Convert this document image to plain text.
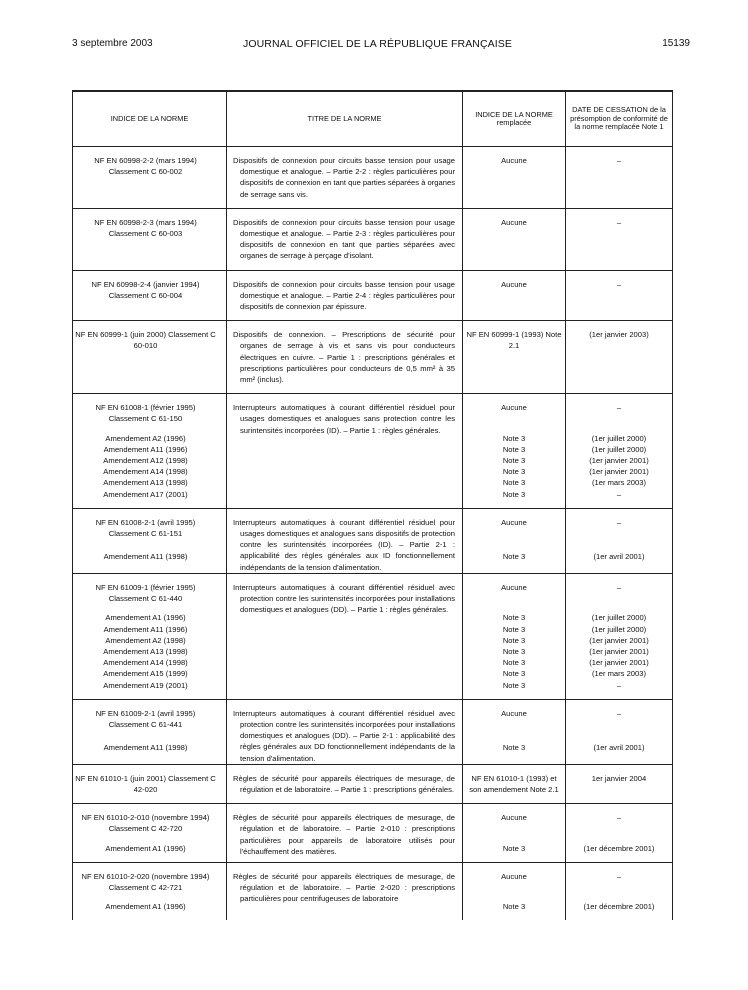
3 septembre 2003	JOURNAL OFFICIEL DE LA RÉPUBLIQUE FRANÇAISE	15139
INDICE DE LA NORME	TITRE DE LA NORME	INDICE DE LA NORME remplacée	DATE DE CESSATION de la présomption de conformité de la norme remplacée Note 1
NF EN 60998-2-2 (mars 1994) Classement C 60-002	Dispositifs de connexion pour circuits basse tension pour usage domestique et analogue. – Partie 2-2 : règles particulières pour dispositifs de connexion en tant que parties séparées à organes de serrage sans vis.	Aucune	–
NF EN 60998-2-3 (mars 1994) Classement C 60-003	Dispositifs de connexion pour circuits basse tension pour usage domestique et analogue. – Partie 2-3 : règles particulières pour dispositifs de connexion en tant que parties séparées avec organes de serrage à perçage d'isolant.	Aucune	–
NF EN 60998-2-4 (janvier 1994) Classement C 60-004	Dispositifs de connexion pour circuits basse tension pour usage domestique et analogue. – Partie 2-4 : règles particulières pour dispositifs de connexion par épissure.	Aucune	–
NF EN 60999-1 (juin 2000) Classement C 60-010	Dispositifs de connexion. – Prescriptions de sécurité pour organes de serrage à vis et sans vis pour conducteurs électriques en cuivre. – Partie 1 : prescriptions générales et prescriptions particulières pour conducteurs de 0,5 mm² à 35 mm² (inclus).	NF EN 60999-1 (1993) Note 2.1	(1er janvier 2003)
NF EN 61008-1 (février 1995) Classement C 61-150	Interrupteurs automatiques à courant différentiel résiduel pour usages domestiques et analogues sans protection contre les surintensités incorporées (ID). – Partie 1 : règles générales.	Aucune	–
Amendement A2 (1996)		Note 3	(1er juillet 2000)
Amendement A11 (1996)		Note 3	(1er juillet 2000)
Amendement A12 (1998)		Note 3	(1er janvier 2001)
Amendement A14 (1998)		Note 3	(1er janvier 2001)
Amendement A13 (1998)		Note 3	(1er mars 2003)
Amendement A17 (2001)		Note 3	–
NF EN 61008-2-1 (avril 1995) Classement C 61-151	Interrupteurs automatiques à courant différentiel résiduel pour usages domestiques et analogues sans dispositifs de protection contre les surintensités incorporées (ID). – Partie 2-1 : applicabilité des règles générales aux ID fonctionnellement indépendants de la tension d'alimentation.	Aucune	–
Amendement A11 (1998)		Note 3	(1er avril 2001)
NF EN 61009-1 (février 1995) Classement C 61-440	Interrupteurs automatiques à courant différentiel résiduel avec protection contre les surintensités incorporées pour installations domestiques et analogues (DD). – Partie 1 : règles générales.	Aucune	–
Amendement A1 (1996)		Note 3	(1er juillet 2000)
Amendement A11 (1996)		Note 3	(1er juillet 2000)
Amendement A2 (1998)		Note 3	(1er janvier 2001)
Amendement A13 (1998)		Note 3	(1er janvier 2001)
Amendement A14 (1998)		Note 3	(1er janvier 2001)
Amendement A15 (1999)		Note 3	(1er mars 2003)
Amendement A19 (2001)		Note 3	–
NF EN 61009-2-1 (avril 1995) Classement C 61-441	Interrupteurs automatiques à courant différentiel résiduel avec protection contre les surintensités incorporées pour installations domestiques et analogues (DD). – Partie 2-1 : applicabilité des règles générales aux DD fonctionnellement indépendants de la tension d'alimentation.	Aucune	–
Amendement A11 (1998)		Note 3	(1er avril 2001)
NF EN 61010-1 (juin 2001) Classement C 42-020	Règles de sécurité pour appareils électriques de mesurage, de régulation et de laboratoire. – Partie 1 : prescriptions générales.	NF EN 61010-1 (1993) et son amendement Note 2.1	1er janvier 2004
NF EN 61010-2-010 (novembre 1994) Classement C 42-720	Règles de sécurité pour appareils électriques de mesurage, de régulation et de laboratoire. – Partie 2-010 : prescriptions particulières pour appareils de laboratoire utilisés pour l'échauffement des matières.	Aucune	–
Amendement A1 (1996)		Note 3	(1er décembre 2001)
NF EN 61010-2-020 (novembre 1994) Classement C 42-721	Règles de sécurité pour appareils électriques de mesurage, de régulation et de laboratoire. – Partie 2-020 : prescriptions particulières pour centrifugeuses de laboratoire	Aucune	–
Amendement A1 (1996)		Note 3	(1er décembre 2001)
